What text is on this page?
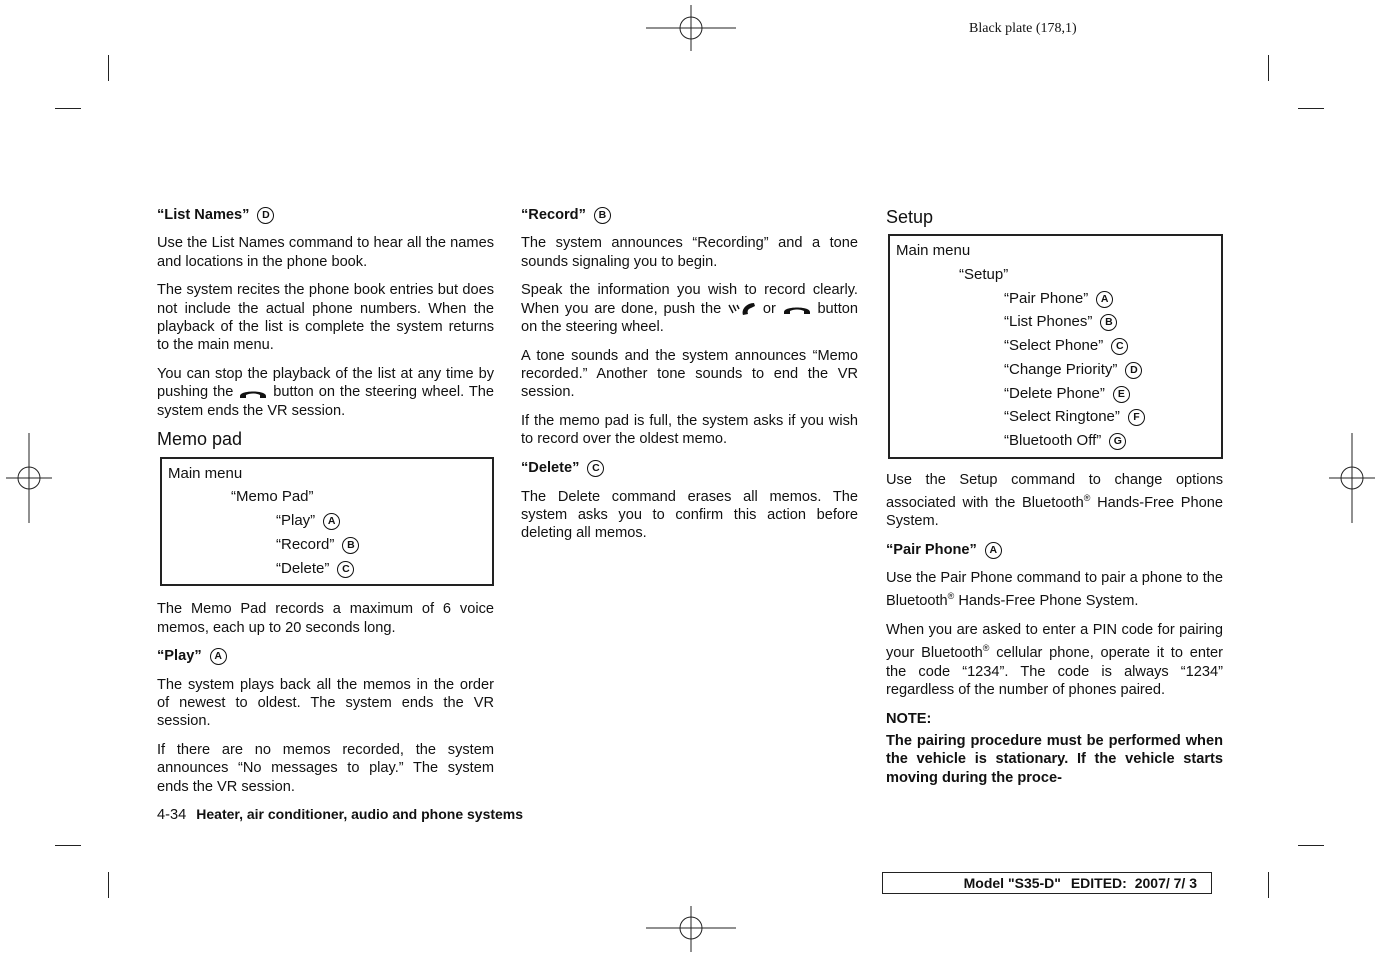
Black plate (178,1)
“List Names” D

Use the List Names command to hear all the names and locations in the phone book.

The system recites the phone book entries but does not include the actual phone numbers. When the playback of the list is complete the system returns to the main menu.

You can stop the playback of the list at any time by pushing the	button on the steering wheel. The system ends the VR session.

Memo pad
Main menu
“Memo Pad”
“Play” A
“Record” B
“Delete” C

The Memo Pad records a maximum of 6 voice memos, each up to 20 seconds long.

“Play” A

The system plays back all the memos in the order of newest to oldest. The system ends the VR session.

If there are no memos recorded, the system announces “No messages to play.” The system ends the VR session.

“Record” B

The system announces “Recording” and a tone sounds signaling you to begin.

Speak the information you wish to record clearly. When you are done, push the	or	button on the steering wheel.

A tone sounds and the system announces “Memo recorded.” Another tone sounds to end the VR session.

If the memo pad is full, the system asks if you wish to record over the oldest memo.

“Delete” C

The Delete command erases all memos. The system asks you to confirm this action before deleting all memos.

Setup
Main menu
“Setup”
“Pair Phone” A
“List Phones” B
“Select Phone” C
“Change Priority” D
“Delete Phone” E
“Select Ringtone” F
“Bluetooth Off” G

Use the Setup command to change options associated with the Bluetooth® Hands-Free Phone System.

“Pair Phone” A

Use the Pair Phone command to pair a phone to the Bluetooth® Hands-Free Phone System.

When you are asked to enter a PIN code for pairing your Bluetooth® cellular phone, operate it to enter the code “1234”. The code is always “1234” regardless of the number of phones paired.

NOTE:

The pairing procedure must be performed when the vehicle is stationary. If the vehicle starts moving during the proce-

4-34 Heater, air conditioner, audio and phone systems
Model "S35-D" EDITED: 2007/ 7/ 3
